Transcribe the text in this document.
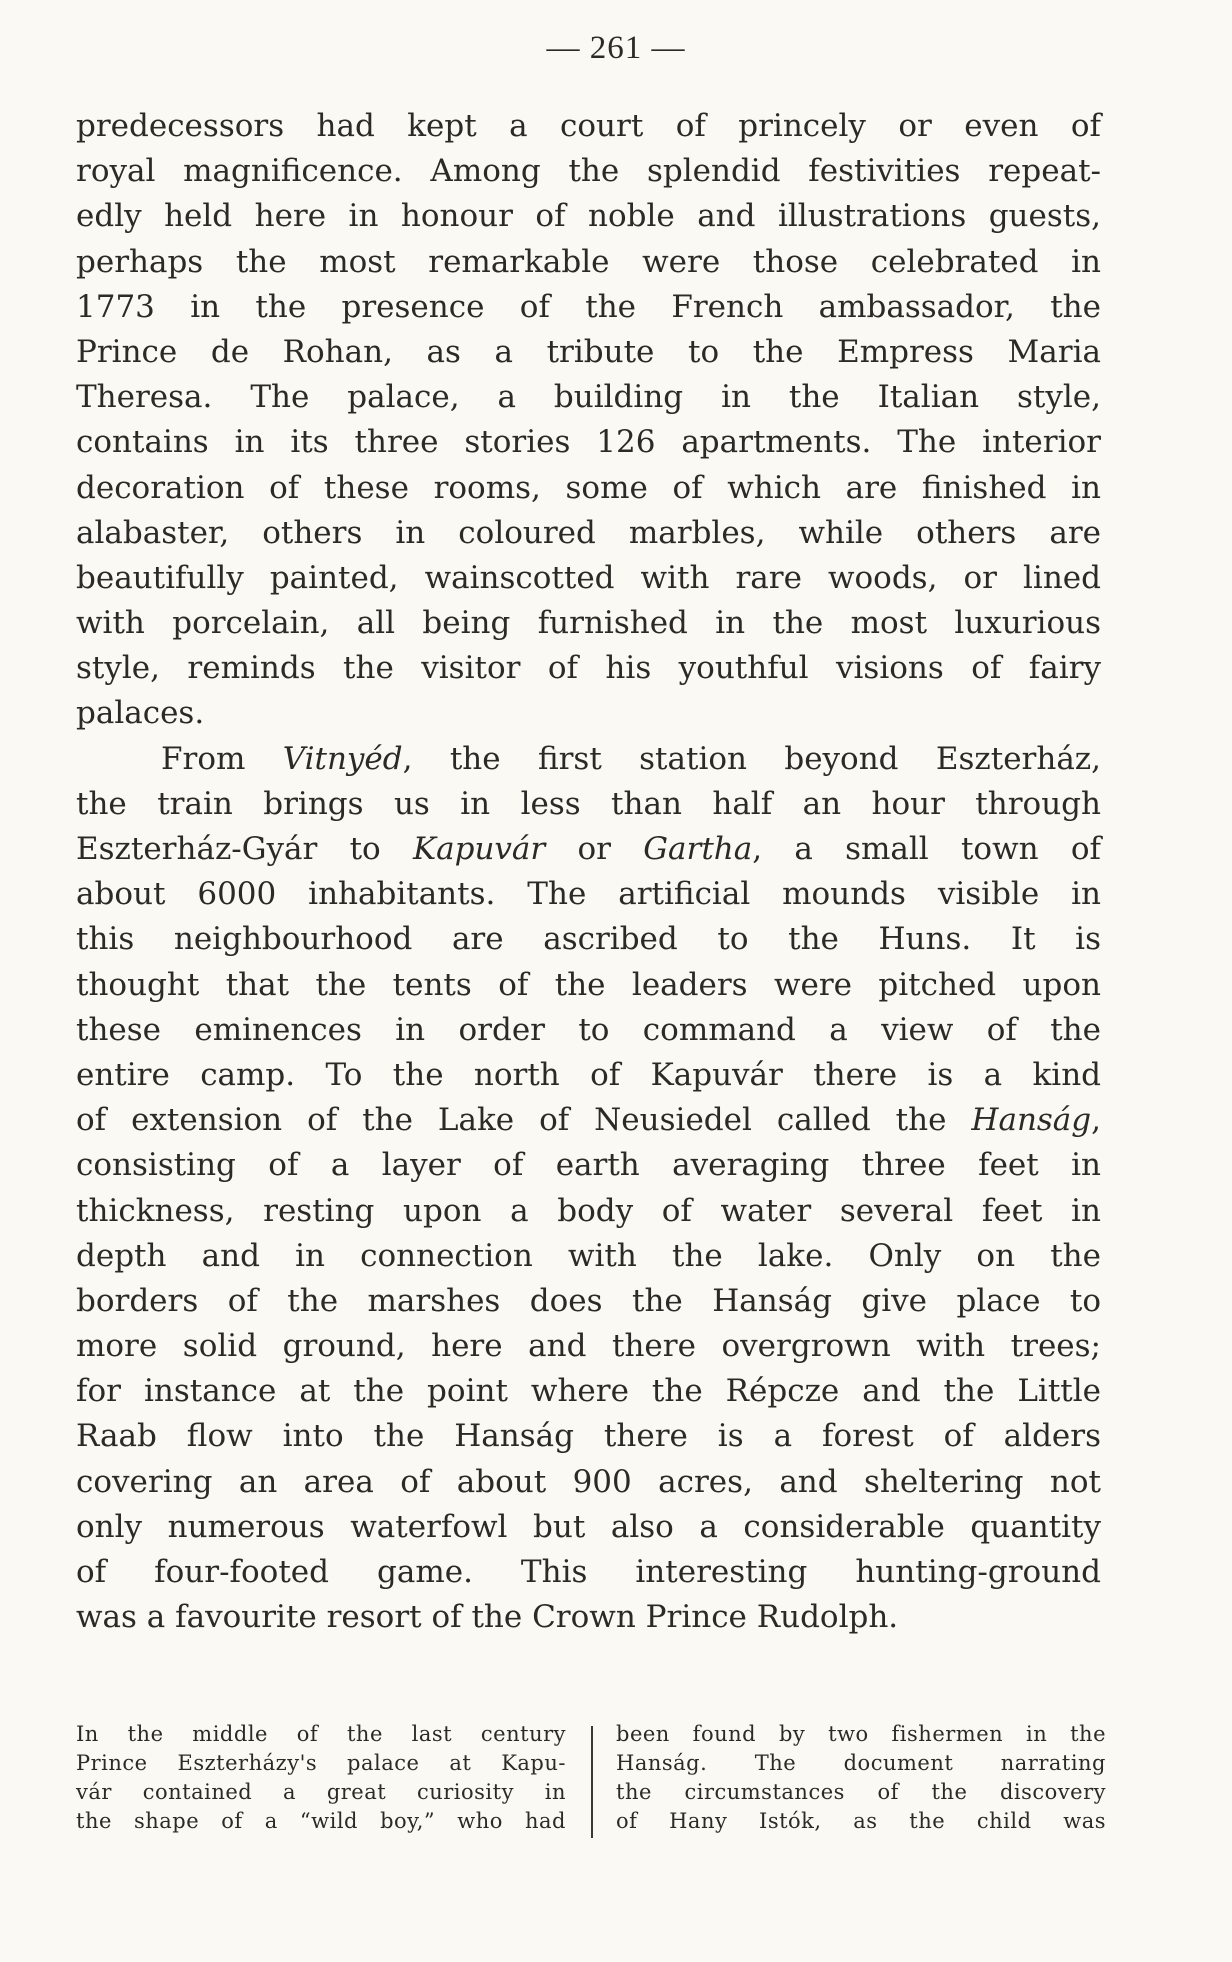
— 261 —
predecessors had kept a court of princely or even of
royal magnificence. Among the splendid festivities repeat-
edly held here in honour of noble and illustrations guests,
perhaps the most remarkable were those celebrated in
1773 in the presence of the French ambassador, the
Prince de Rohan, as a tribute to the Empress Maria
Theresa. The palace, a building in the Italian style,
contains in its three stories 126 apartments. The interior
decoration of these rooms, some of which are finished in
alabaster, others in coloured marbles, while others are
beautifully painted, wainscotted with rare woods, or lined
with porcelain, all being furnished in the most luxurious
style, reminds the visitor of his youthful visions of fairy
palaces.
From Vitnyéd, the first station beyond Eszterház,
the train brings us in less than half an hour through
Eszterház-Gyár to Kapuvár or Gartha, a small town of
about 6000 inhabitants. The artificial mounds visible in
this neighbourhood are ascribed to the Huns. It is
thought that the tents of the leaders were pitched upon
these eminences in order to command a view of the
entire camp. To the north of Kapuvár there is a kind
of extension of the Lake of Neusiedel called the Hanság,
consisting of a layer of earth averaging three feet in
thickness, resting upon a body of water several feet in
depth and in connection with the lake. Only on the
borders of the marshes does the Hanság give place to
more solid ground, here and there overgrown with trees;
for instance at the point where the Répcze and the Little
Raab flow into the Hanság there is a forest of alders
covering an area of about 900 acres, and sheltering not
only numerous waterfowl but also a considerable quantity
of four-footed game. This interesting hunting-ground
was a favourite resort of the Crown Prince Rudolph.
In the middle of the last century
Prince Eszterházy's palace at Kapu-
vár contained a great curiosity in
the shape of a “wild boy,” who had
been found by two fishermen in the
Hanság. The document narrating
the circumstances of the discovery
of Hany Istók, as the child was
